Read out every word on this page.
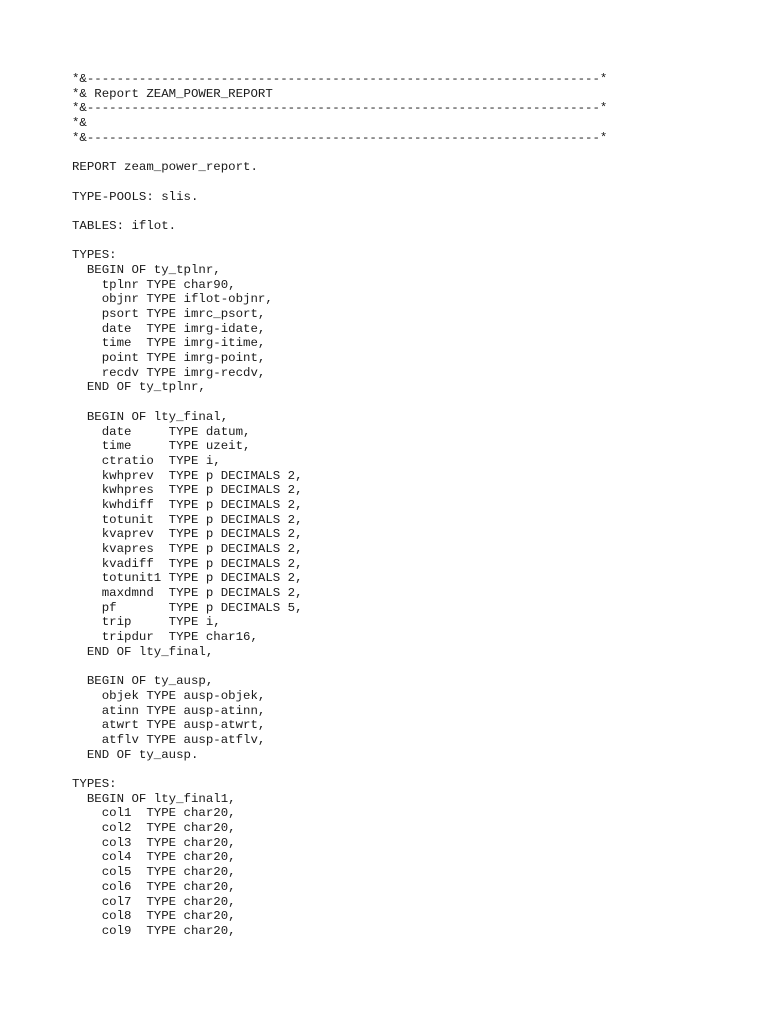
*&---------------------------------------------------------------------*
*& Report ZEAM_POWER_REPORT
*&---------------------------------------------------------------------*
*&
*&---------------------------------------------------------------------*
REPORT zeam_power_report.
TYPE-POOLS: slis.
TABLES: iflot.
TYPES:
BEGIN OF ty_tplnr,
tplnr TYPE char90,
objnr TYPE iflot-objnr,
psort TYPE imrc_psort,
date  TYPE imrg-idate,
time  TYPE imrg-itime,
point TYPE imrg-point,
recdv TYPE imrg-recdv,
END OF ty_tplnr,
BEGIN OF lty_final,
date     TYPE datum,
time     TYPE uzeit,
ctratio  TYPE i,
kwhprev  TYPE p DECIMALS 2,
kwhpres  TYPE p DECIMALS 2,
kwhdiff  TYPE p DECIMALS 2,
totunit  TYPE p DECIMALS 2,
kvaprev  TYPE p DECIMALS 2,
kvapres  TYPE p DECIMALS 2,
kvadiff  TYPE p DECIMALS 2,
totunit1 TYPE p DECIMALS 2,
maxdmnd  TYPE p DECIMALS 2,
pf       TYPE p DECIMALS 5,
trip     TYPE i,
tripdur  TYPE char16,
END OF lty_final,
BEGIN OF ty_ausp,
objek TYPE ausp-objek,
atinn TYPE ausp-atinn,
atwrt TYPE ausp-atwrt,
atflv TYPE ausp-atflv,
END OF ty_ausp.
TYPES:
BEGIN OF lty_final1,
col1  TYPE char20,
col2  TYPE char20,
col3  TYPE char20,
col4  TYPE char20,
col5  TYPE char20,
col6  TYPE char20,
col7  TYPE char20,
col8  TYPE char20,
col9  TYPE char20,
